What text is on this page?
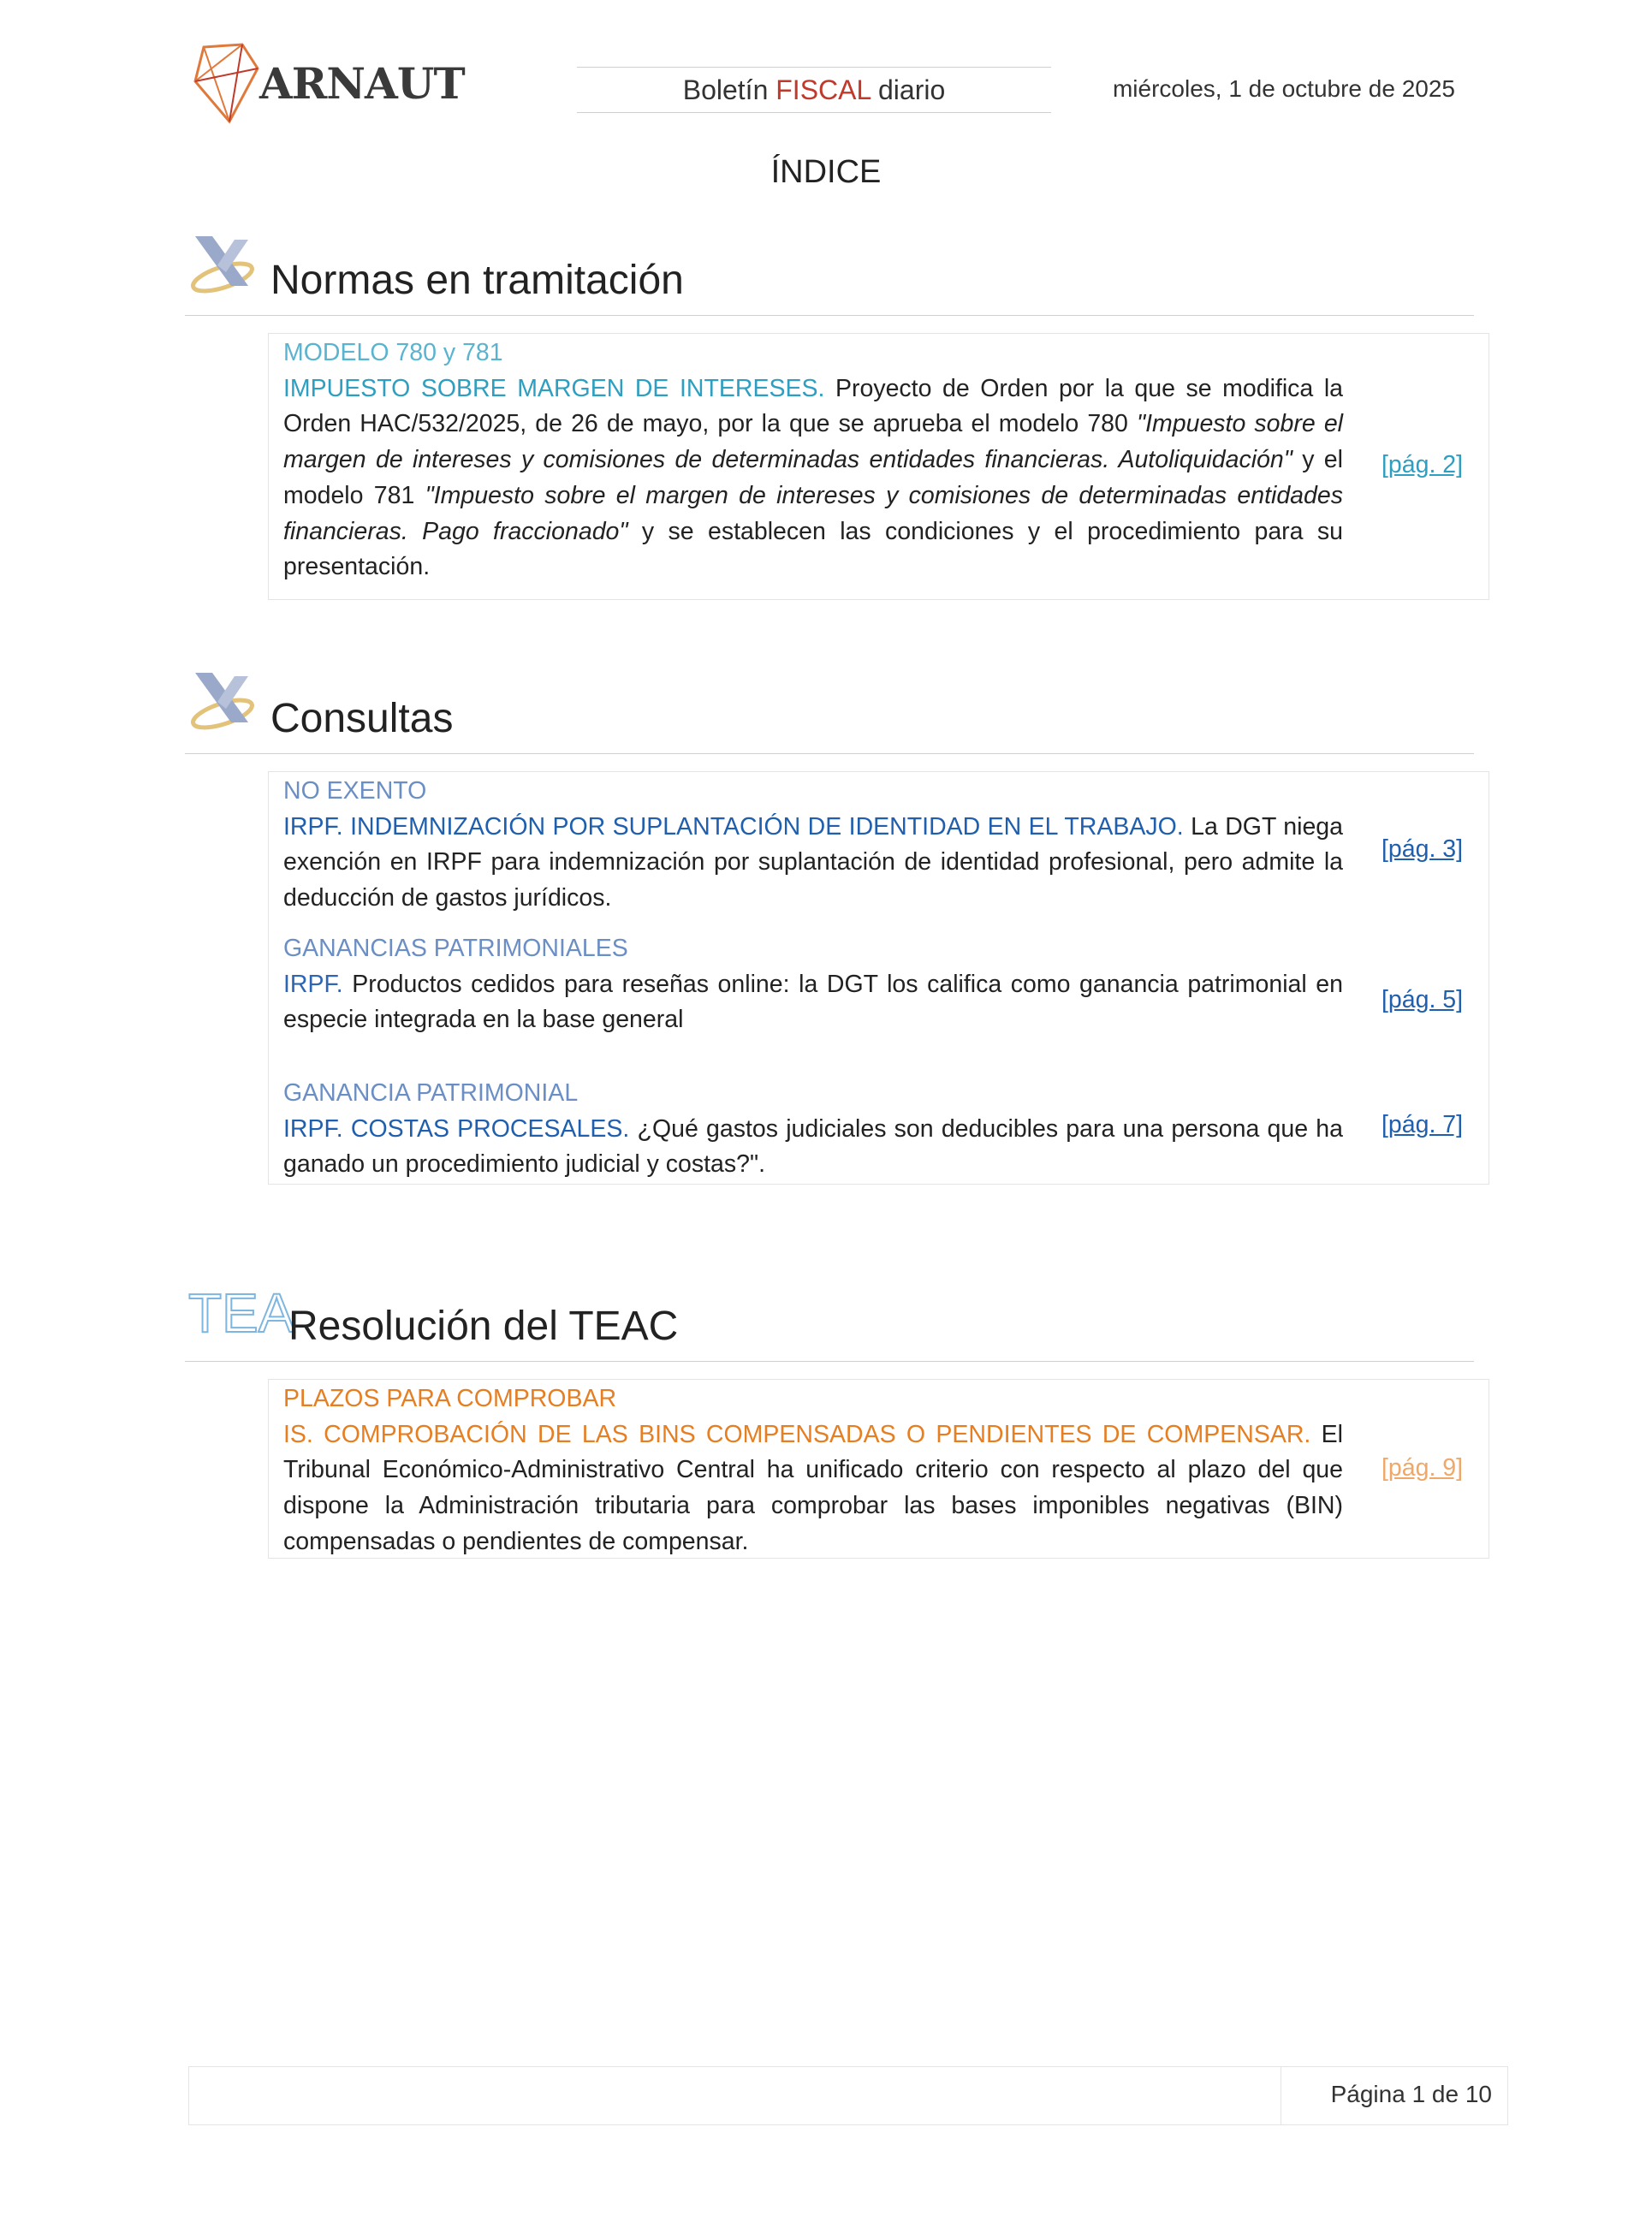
ARNAUT	Boletín FISCAL diario	miércoles, 1 de octubre de 2025
ÍNDICE
Normas en tramitación
MODELO 780 y 781
IMPUESTO SOBRE MARGEN DE INTERESES. Proyecto de Orden por la que se modifica la Orden HAC/532/2025, de 26 de mayo, por la que se aprueba el modelo 780 "Impuesto sobre el margen de intereses y comisiones de determinadas entidades financieras. Autoliquidación" y el modelo 781 "Impuesto sobre el margen de intereses y comisiones de determinadas entidades financieras. Pago fraccionado" y se establecen las condiciones y el procedimiento para su presentación.
[pág. 2]
Consultas
NO EXENTO
IRPF. INDEMNIZACIÓN POR SUPLANTACIÓN DE IDENTIDAD EN EL TRABAJO. La DGT niega exención en IRPF para indemnización por suplantación de identidad profesional, pero admite la deducción de gastos jurídicos.
[pág. 3]
GANANCIAS PATRIMONIALES
IRPF. Productos cedidos para reseñas online: la DGT los califica como ganancia patrimonial en especie integrada en la base general
[pág. 5]
GANANCIA PATRIMONIAL
IRPF. COSTAS PROCESALES. ¿Qué gastos judiciales son deducibles para una persona que ha ganado un procedimiento judicial y costas?".
[pág. 7]
TEA
Resolución del TEAC
PLAZOS PARA COMPROBAR
IS. COMPROBACIÓN DE LAS BINS COMPENSADAS O PENDIENTES DE COMPENSAR. El Tribunal Económico-Administrativo Central ha unificado criterio con respecto al plazo del que dispone la Administración tributaria para comprobar las bases imponibles negativas (BIN) compensadas o pendientes de compensar.
[pág. 9]
Página 1 de 10
